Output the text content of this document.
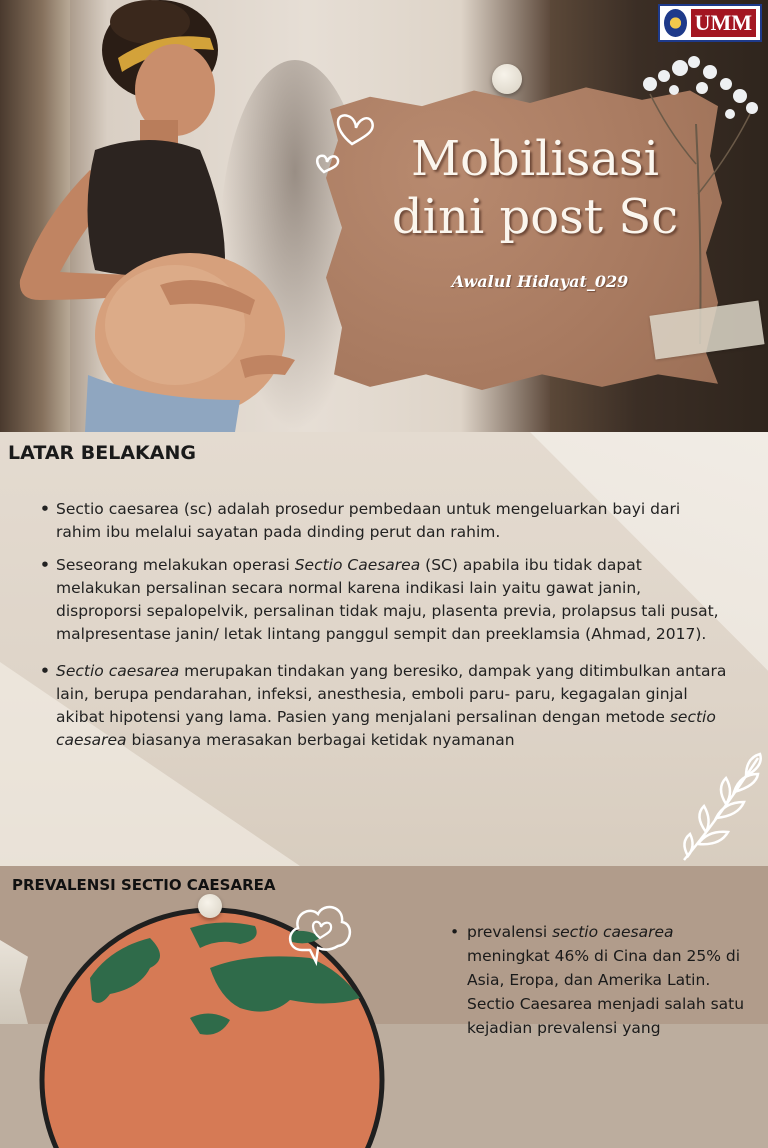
Mobilisasi
dini post Sc
Awalul Hidayat_029
UMM
LATAR BELAKANG
• Sectio caesarea (sc) adalah prosedur pembedaan untuk mengeluarkan bayi dari rahim ibu melalui sayatan pada dinding perut dan rahim.
• Seseorang melakukan operasi Sectio Caesarea (SC) apabila ibu tidak dapat melakukan persalinan secara normal karena indikasi lain yaitu gawat janin, disproporsi sepalopelvik, persalinan tidak maju, plasenta previa, prolapsus tali pusat, malpresentase janin/ letak lintang panggul sempit dan preeklamsia (Ahmad, 2017).
• Sectio caesarea merupakan tindakan yang beresiko, dampak yang ditimbulkan antara lain, berupa pendarahan, infeksi, anesthesia, emboli paru- paru, kegagalan ginjal akibat hipotensi yang lama. Pasien yang menjalani persalinan dengan metode sectio caesarea biasanya merasakan berbagai ketidak nyamanan
PREVALENSI SECTIO CAESAREA
• prevalensi sectio caesarea meningkat 46% di Cina dan 25% di Asia, Eropa, dan Amerika Latin. Sectio Caesarea menjadi salah satu kejadian prevalensi yang
